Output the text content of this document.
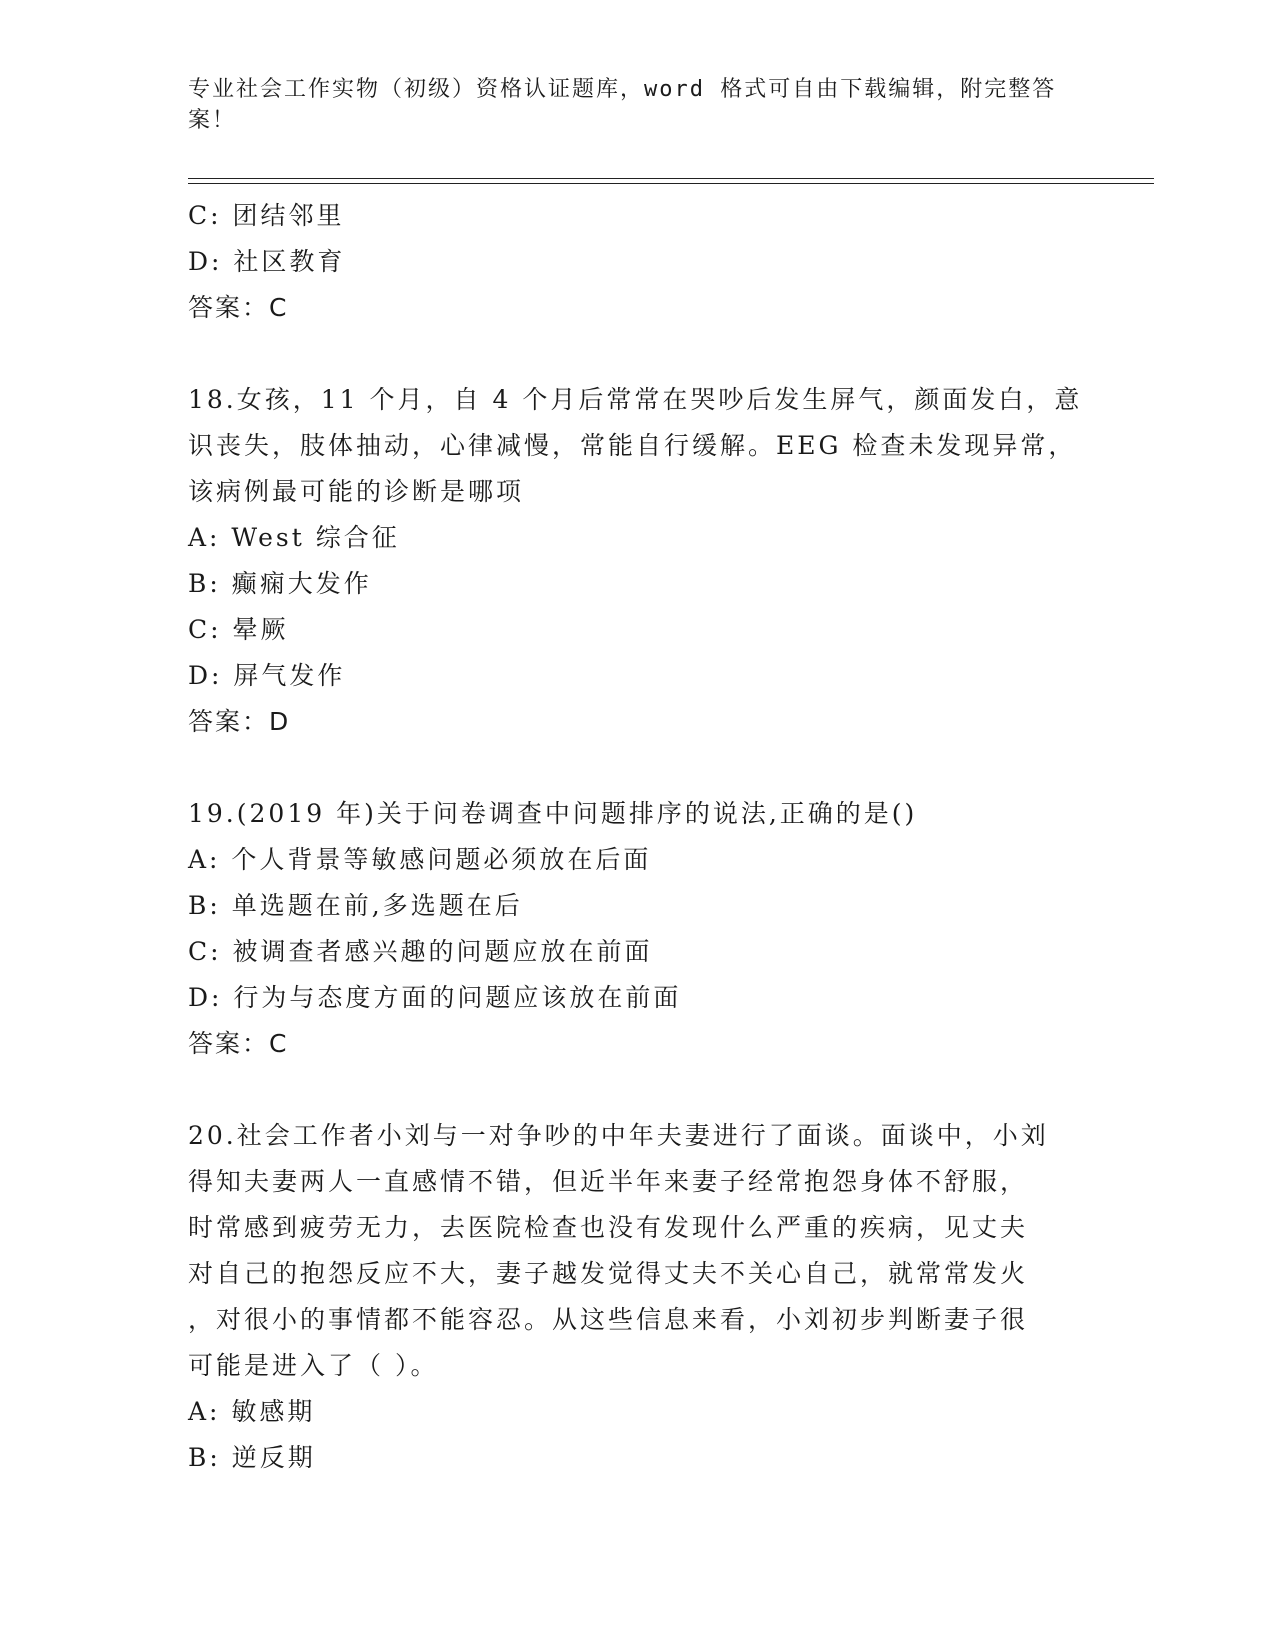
专业社会工作实物（初级）资格认证题库，word 格式可自由下载编辑，附完整答案！

C: 团结邻里

D: 社区教育

答案：C

18.女孩，11 个月，自 4 个月后常常在哭吵后发生屏气，颜面发白，意

识丧失，肢体抽动，心律减慢，常能自行缓解。EEG 检查未发现异常，

该病例最可能的诊断是哪项

A: West 综合征

B: 癫痫大发作

C: 晕厥

D: 屏气发作

答案：D

19.(2019 年)关于问卷调查中问题排序的说法,正确的是()

A: 个人背景等敏感问题必须放在后面

B: 单选题在前,多选题在后

C: 被调查者感兴趣的问题应放在前面

D: 行为与态度方面的问题应该放在前面

答案：C

20.社会工作者小刘与一对争吵的中年夫妻进行了面谈。面谈中，小刘

得知夫妻两人一直感情不错，但近半年来妻子经常抱怨身体不舒服，

时常感到疲劳无力，去医院检查也没有发现什么严重的疾病，见丈夫

对自己的抱怨反应不大，妻子越发觉得丈夫不关心自己，就常常发火

，对很小的事情都不能容忍。从这些信息来看，小刘初步判断妻子很

可能是进入了（ ）。

A: 敏感期

B: 逆反期
